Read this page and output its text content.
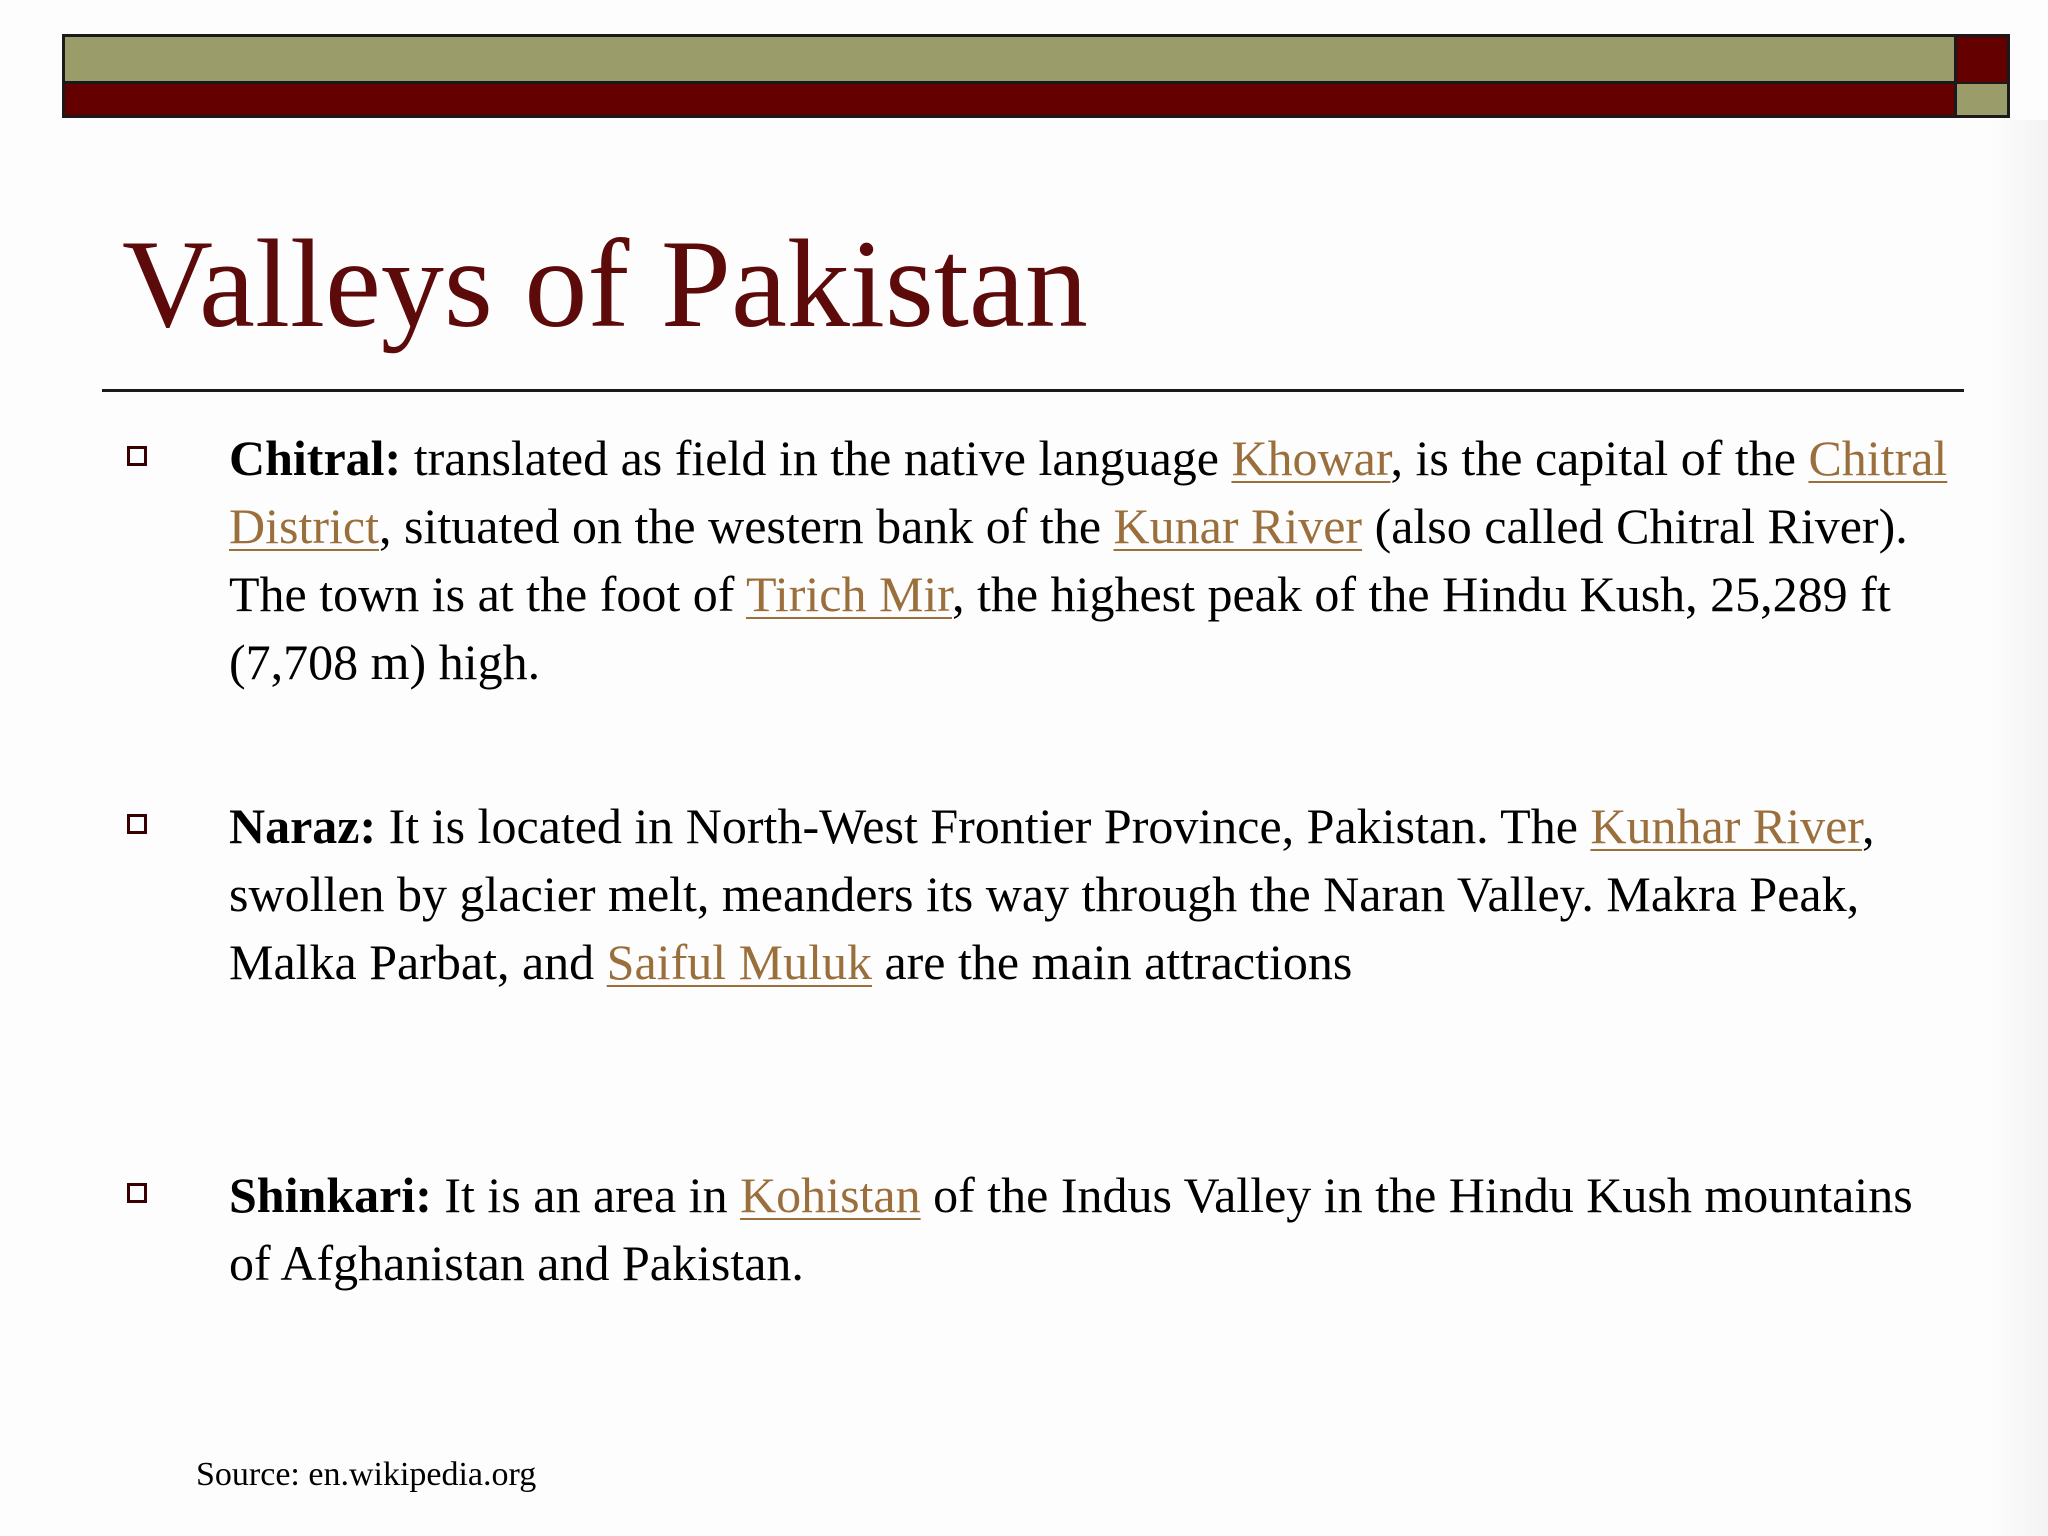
Valleys of Pakistan
Chitral: translated as field in the native language Khowar, is the capital of the Chitral District, situated on the western bank of the Kunar River (also called Chitral River). The town is at the foot of Tirich Mir, the highest peak of the Hindu Kush, 25,289 ft (7,708 m) high.
Naraz: It is located in North-West Frontier Province, Pakistan. The Kunhar River, swollen by glacier melt, meanders its way through the Naran Valley. Makra Peak, Malka Parbat, and Saiful Muluk are the main attractions
Shinkari: It is an area in Kohistan of the Indus Valley in the Hindu Kush mountains of Afghanistan and Pakistan.
Source: en.wikipedia.org
